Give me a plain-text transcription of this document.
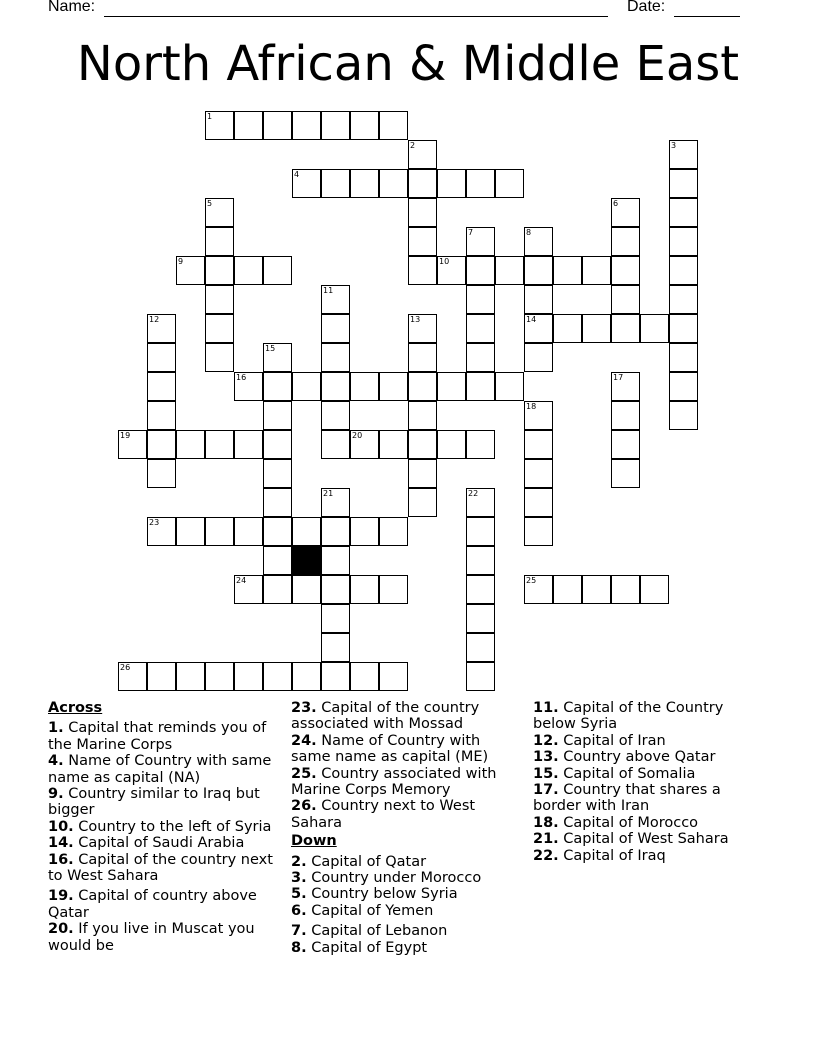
Name:	Date:
North African & Middle East
1
4
9	10
14
16
19	20
23
24	25
26
2	3
5	6
7	8
11
12	13
15
17
18
21	22
Across
1. Capital that reminds you of the Marine Corps
4. Name of Country with same name as capital (NA)
9. Country similar to Iraq but bigger
10. Country to the left of Syria
14. Capital of Saudi Arabia
16. Capital of the country next to West Sahara
19. Capital of country above Qatar
20. If you live in Muscat you would be
23. Capital of the country associated with Mossad
24. Name of Country with same name as capital (ME)
25. Country associated with Marine Corps Memory
26. Country next to West Sahara
Down
2. Capital of Qatar
3. Country under Morocco
5. Country below Syria
6. Capital of Yemen
7. Capital of Lebanon
8. Capital of Egypt
11. Capital of the Country below Syria
12. Capital of Iran
13. Country above Qatar
15. Capital of Somalia
17. Country that shares a border with Iran
18. Capital of Morocco
21. Capital of West Sahara
22. Capital of Iraq
